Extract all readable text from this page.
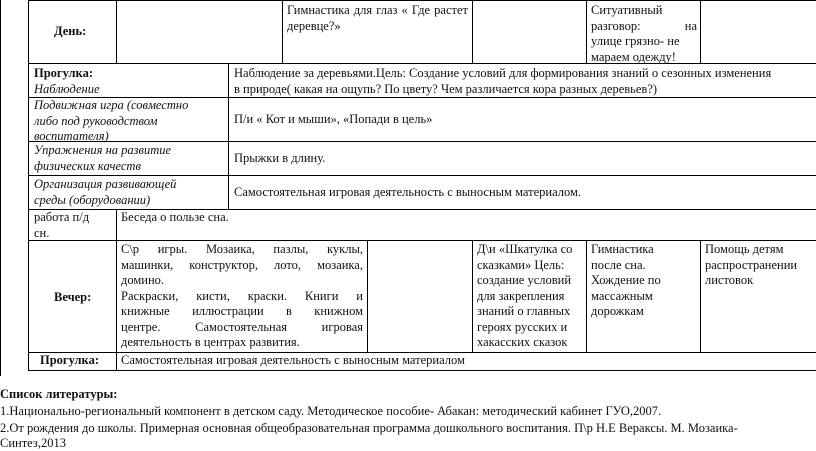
День:
Гимнастика для глаз « Где растет деревце?»
Ситуативный
разговор:	на
улице грязно- не
мараем одежду!
Прогулка:
Наблюдение
Наблюдение за деревьями.Цель: Создание условий для формирования знаний о сезонных изменения
в природе( какая на ощупь? По цвету? Чем различается кора разных деревьев?)
Подвижная игра (совместно
либо под руководством
воспитателя)
П/и « Кот и мыши», «Попади в цель»
Упражнения на развитие
физических качеств
Прыжки в длину.
Организация развивающей
среды (оборудовании)
Самостоятельная игровая деятельность с выносным материалом.
работа п/д
сн.
Беседа о пользе сна.
Вечер:
С\р игры. Мозаика, пазлы, куклы,
машинки, конструктор, лото, мозаика,
домино.
Раскраски, кисти, краски. Книги и
книжные иллюстрации в книжном
центре. Самостоятельная игровая
деятельность в центрах развития.
Д\и «Шкатулка со
сказками» Цель:
создание условий
для закрепления
знаний о главных
героях русских и
хакасских сказок
Гимнастика
после сна.
Хождение по
массажным
дорожкам
Помощь детям
распространении
листовок
Прогулка: Самостоятельная игровая деятельность с выносным материалом
Список литературы:
1.Национально-региональный компонент в детском саду. Методическое пособие- Абакан: методический кабинет ГУО,2007.
2.От рождения до школы. Примерная основная общеобразовательная программа дошкольного воспитания. П\р Н.Е Вераксы. М. Мозаика-
Синтез,2013
